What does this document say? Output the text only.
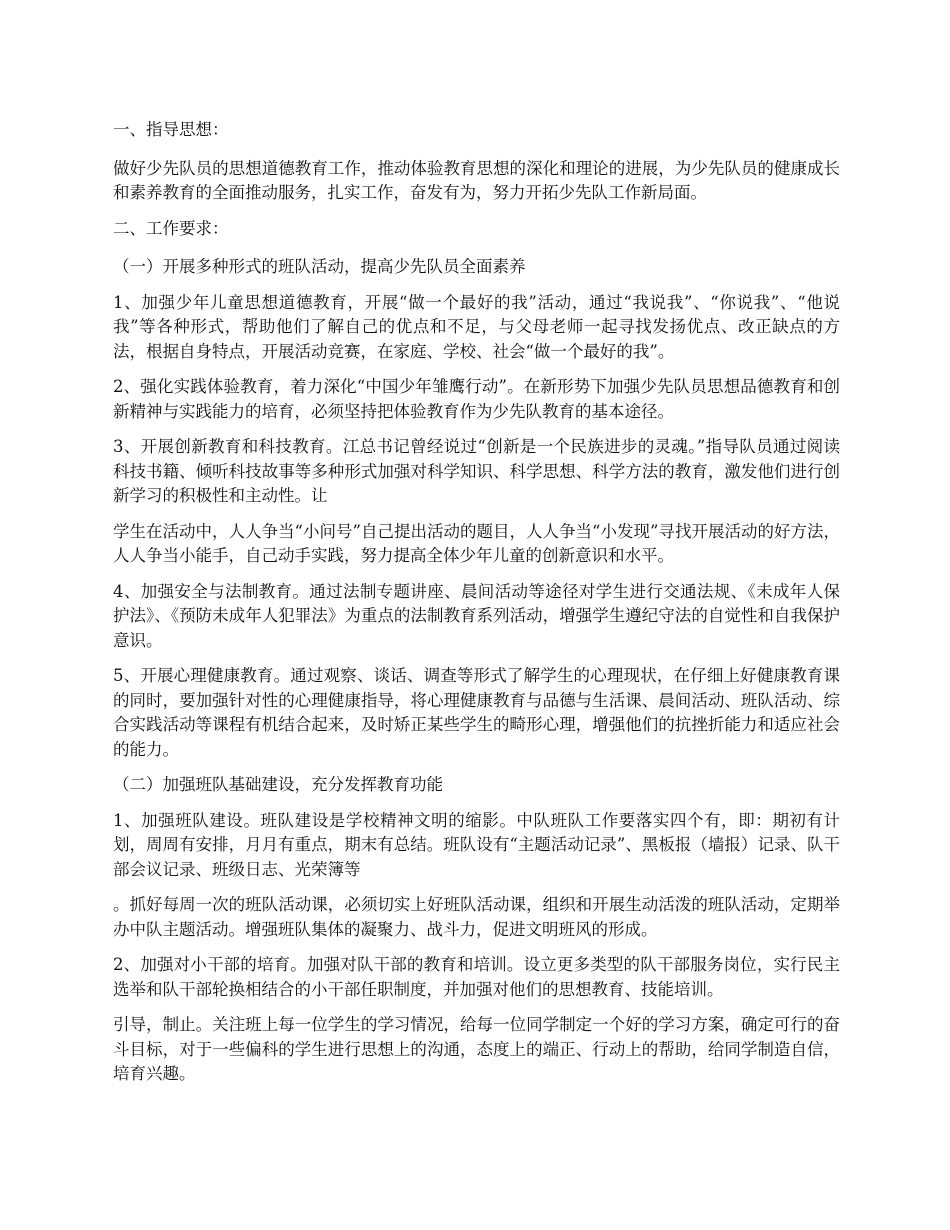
一、指导思想：

做好少先队员的思想道德教育工作，推动体验教育思想的深化和理论的进展，为少先队员的健康成长和素养教育的全面推动服务，扎实工作，奋发有为，努力开拓少先队工作新局面。

二、工作要求：

（一）开展多种形式的班队活动，提高少先队员全面素养

1、加强少年儿童思想道德教育，开展“做一个最好的我”活动，通过“我说我”、“你说我”、“他说我”等各种形式，帮助他们了解自己的优点和不足，与父母老师一起寻找发扬优点、改正缺点的方法，根据自身特点，开展活动竞赛，在家庭、学校、社会“做一个最好的我”。

2、强化实践体验教育，着力深化“中国少年雏鹰行动”。在新形势下加强少先队员思想品德教育和创新精神与实践能力的培育，必须坚持把体验教育作为少先队教育的基本途径。

3、开展创新教育和科技教育。江总书记曾经说过“创新是一个民族进步的灵魂。”指导队员通过阅读科技书籍、倾听科技故事等多种形式加强对科学知识、科学思想、科学方法的教育，激发他们进行创新学习的积极性和主动性。让

学生在活动中，人人争当“小问号”自己提出活动的题目，人人争当“小发现”寻找开展活动的好方法，人人争当小能手，自己动手实践，努力提高全体少年儿童的创新意识和水平。

4、加强安全与法制教育。通过法制专题讲座、晨间活动等途径对学生进行交通法规、《未成年人保护法》、《预防未成年人犯罪法》为重点的法制教育系列活动，增强学生遵纪守法的自觉性和自我保护意识。

5、开展心理健康教育。通过观察、谈话、调查等形式了解学生的心理现状，在仔细上好健康教育课的同时，要加强针对性的心理健康指导，将心理健康教育与品德与生活课、晨间活动、班队活动、综合实践活动等课程有机结合起来，及时矫正某些学生的畸形心理，增强他们的抗挫折能力和适应社会的能力。

（二）加强班队基础建设，充分发挥教育功能

1、加强班队建设。班队建设是学校精神文明的缩影。中队班队工作要落实四个有，即：期初有计划，周周有安排，月月有重点，期末有总结。班队设有“主题活动记录”、黑板报（墙报）记录、队干部会议记录、班级日志、光荣簿等

。抓好每周一次的班队活动课，必须切实上好班队活动课，组织和开展生动活泼的班队活动，定期举办中队主题活动。增强班队集体的凝聚力、战斗力，促进文明班风的形成。

2、加强对小干部的培育。加强对队干部的教育和培训。设立更多类型的队干部服务岗位，实行民主选举和队干部轮换相结合的小干部任职制度，并加强对他们的思想教育、技能培训。

引导，制止。关注班上每一位学生的学习情况，给每一位同学制定一个好的学习方案，确定可行的奋斗目标，对于一些偏科的学生进行思想上的沟通，态度上的端正、行动上的帮助，给同学制造自信，培育兴趣。
